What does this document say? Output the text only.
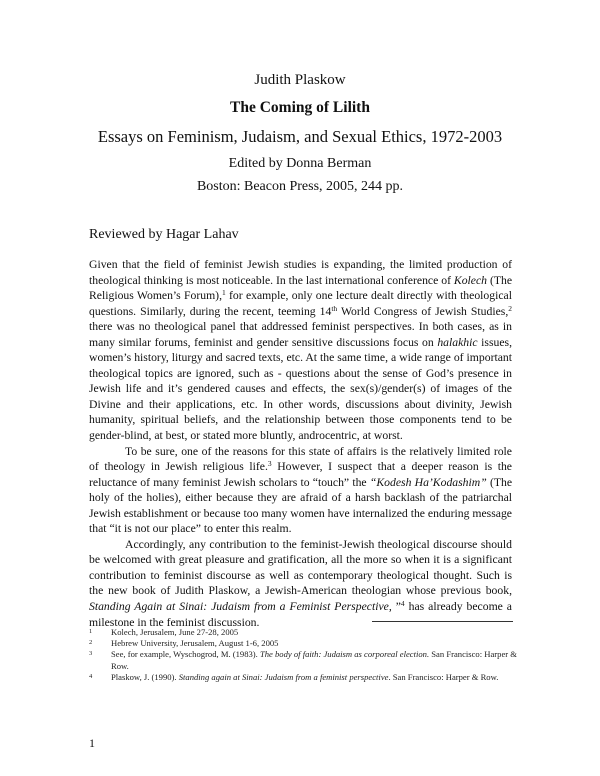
Judith Plaskow
The Coming of Lilith
Essays on Feminism, Judaism, and Sexual Ethics, 1972-2003
Edited by Donna Berman
Boston: Beacon Press, 2005, 244 pp.
Reviewed by Hagar Lahav

Given that the field of feminist Jewish studies is expanding, the limited production of theological thinking is most noticeable. In the last international conference of Kolech (The Religious Women’s Forum),$^1$ for example, only one lecture dealt directly with theological questions. Similarly, during the recent, teeming 14th World Congress of Jewish Studies,$^2$ there was no theological panel that addressed feminist perspectives. In both cases, as in many similar forums, feminist and gender sensitive discussions focus on halakhic issues, women’s history, liturgy and sacred texts, etc. At the same time, a wide range of important theological topics are ignored, such as - questions about the sense of God’s presence in Jewish life and it’s gendered causes and effects, the sex(s)/gender(s) of images of the Divine and their applications, etc. In other words, discussions about divinity, Jewish humanity, spiritual beliefs, and the relationship between those components tend to be gender-blind, at best, or stated more bluntly, androcentric, at worst.

To be sure, one of the reasons for this state of affairs is the relatively limited role of theology in Jewish religious life.$^3$ However, I suspect that a deeper reason is the reluctance of many feminist Jewish scholars to “touch” the “Kodesh Ha’Kodashim” (The holy of the holies), either because they are afraid of a harsh backlash of the patriarchal Jewish establishment or because too many women have internalized the enduring message that “it is not our place” to enter this realm.

Accordingly, any contribution to the feminist-Jewish theological discourse should be welcomed with great pleasure and gratification, all the more so when it is a significant contribution to feminist discourse as well as contemporary theological thought. Such is the new book of Judith Plaskow, a Jewish-American theologian whose previous book, Standing Again at Sinai: Judaism from a Feminist Perspective, ”$^4$ has already become a milestone in the feminist discussion.

1 Kolech, Jerusalem, June 27-28, 2005
2 Hebrew University, Jerusalem, August 1-6, 2005
3 See, for example, Wyschogrod, M. (1983). The body of faith: Judaism as corporeal election. San Francisco: Harper & Row.
4 Plaskow, J. (1990). Standing again at Sinai: Judaism from a feminist perspective. San Francisco: Harper & Row.
1
